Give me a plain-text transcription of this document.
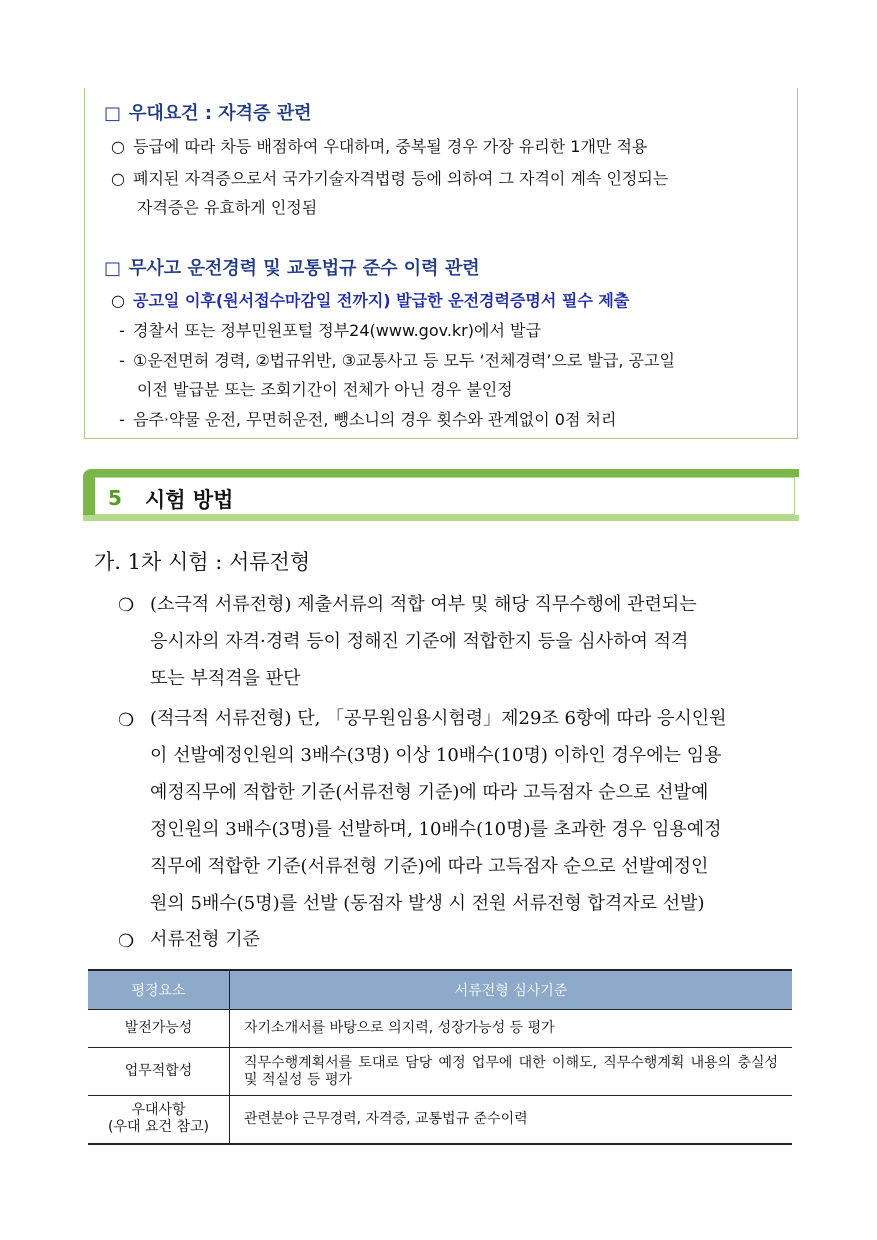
□ 우대요건 : 자격증 관련
○ 등급에 따라 차등 배점하여 우대하며, 중복될 경우 가장 유리한 1개만 적용
○ 폐지된 자격증으로서 국가기술자격법령 등에 의하여 그 자격이 계속 인정되는
자격증은 유효하게 인정됨
□ 무사고 운전경력 및 교통법규 준수 이력 관련
○ 공고일 이후(원서접수마감일 전까지) 발급한 운전경력증명서 필수 제출
- 경찰서 또는 정부민원포털 정부24(www.gov.kr)에서 발급
- ①운전면허 경력, ②법규위반, ③교통사고 등 모두 ‘전체경력’으로 발급, 공고일
이전 발급분 또는 조회기간이 전체가 아닌 경우 불인정
- 음주·약물 운전, 무면허운전, 뺑소니의 경우 횟수와 관계없이 0점 처리
5 시험 방법
가. 1차 시험 : 서류전형
❍ (소극적 서류전형) 제출서류의 적합 여부 및 해당 직무수행에 관련되는
응시자의 자격·경력 등이 정해진 기준에 적합한지 등을 심사하여 적격
또는 부적격을 판단
❍ (적극적 서류전형) 단, 「공무원임용시험령」제29조 6항에 따라 응시인원
이 선발예정인원의 3배수(3명) 이상 10배수(10명) 이하인 경우에는 임용
예정직무에 적합한 기준(서류전형 기준)에 따라 고득점자 순으로 선발예
정인원의 3배수(3명)를 선발하며, 10배수(10명)를 초과한 경우 임용예정
직무에 적합한 기준(서류전형 기준)에 따라 고득점자 순으로 선발예정인
원의 5배수(5명)를 선발 (동점자 발생 시 전원 서류전형 합격자로 선발)
❍ 서류전형 기준
평정요소	서류전형 심사기준
발전가능성	자기소개서를 바탕으로 의지력, 성장가능성 등 평가
업무적합성	직무수행계획서를 토대로 담당 예정 업무에 대한 이해도, 직무수행계획 내용의 충실성 및 적실성 등 평가
우대사항
(우대 요건 참고)	관련분야 근무경력, 자격증, 교통법규 준수이력
